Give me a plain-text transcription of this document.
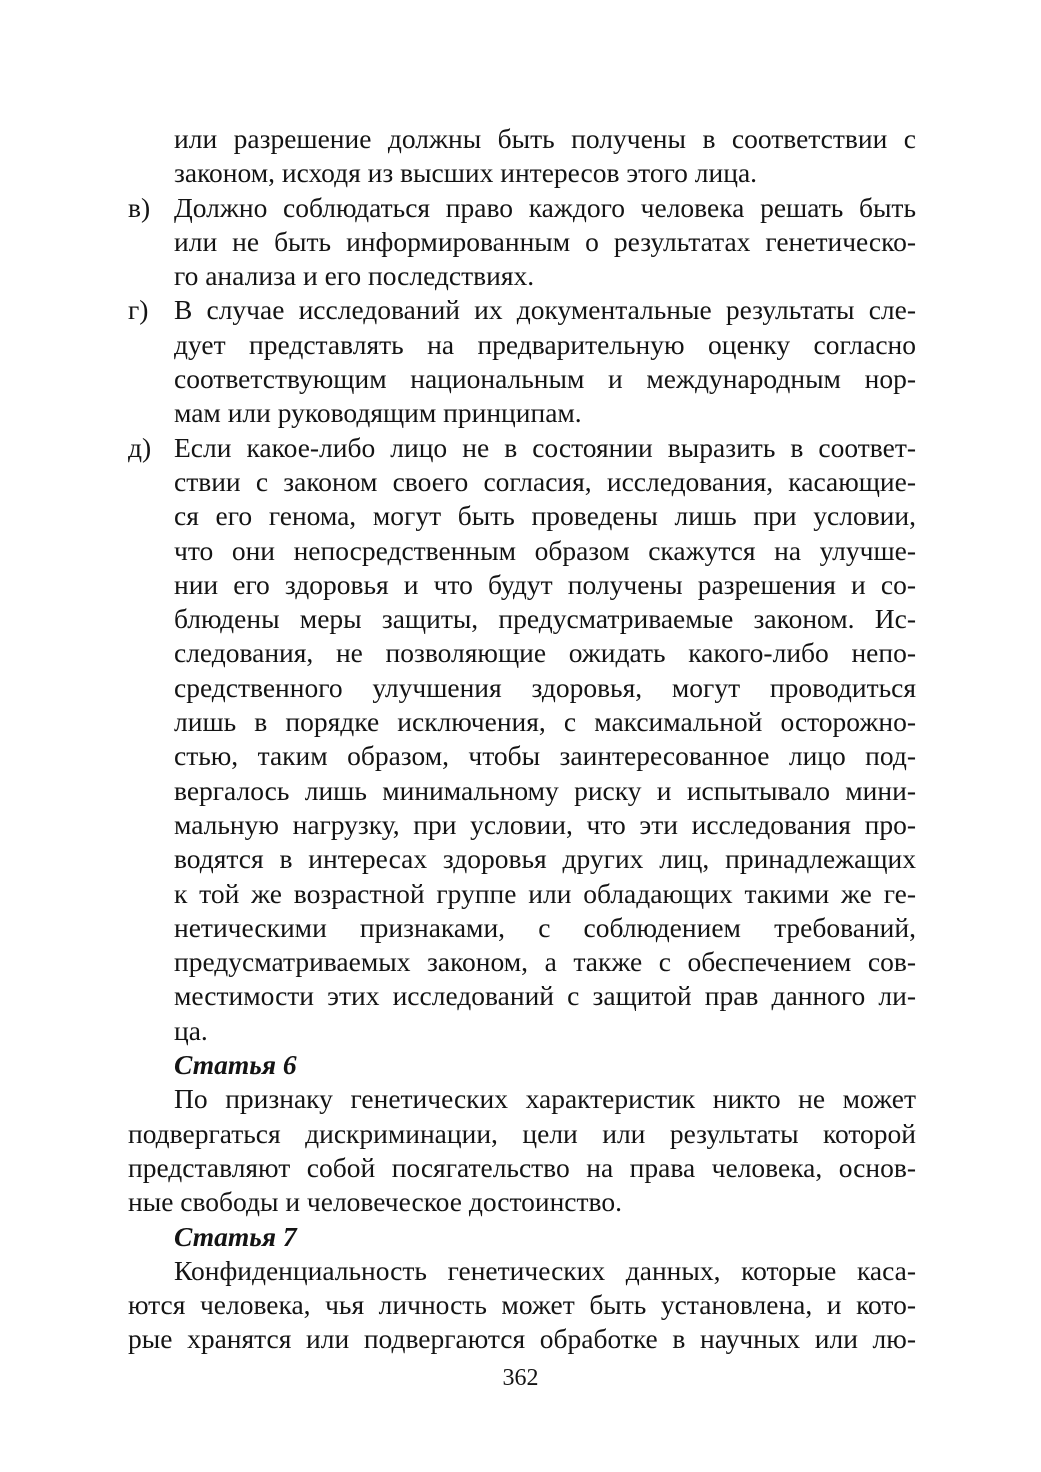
или разрешение должны быть получены в соответствии с
законом, исходя из высших интересов этого лица.
в) Должно соблюдаться право каждого человека решать быть
или не быть информированным о результатах генетическо-
го анализа и его последствиях.
г) В случае исследований их документальные результаты сле-
дует представлять на предварительную оценку согласно
соответствующим национальным и международным нор-
мам или руководящим принципам.
д) Если какое-либо лицо не в состоянии выразить в соответ-
ствии с законом своего согласия, исследования, касающие-
ся его генома, могут быть проведены лишь при условии,
что они непосредственным образом скажутся на улучше-
нии его здоровья и что будут получены разрешения и со-
блюдены меры защиты, предусматриваемые законом. Ис-
следования, не позволяющие ожидать какого-либо непо-
средственного улучшения здоровья, могут проводиться
лишь в порядке исключения, с максимальной осторожно-
стью, таким образом, чтобы заинтересованное лицо под-
вергалось лишь минимальному риску и испытывало мини-
мальную нагрузку, при условии, что эти исследования про-
водятся в интересах здоровья других лиц, принадлежащих
к той же возрастной группе или обладающих такими же ге-
нетическими признаками, с соблюдением требований,
предусматриваемых законом, а также с обеспечением сов-
местимости этих исследований с защитой прав данного ли-
ца.
Статья 6
По признаку генетических характеристик никто не может
подвергаться дискриминации, цели или результаты которой
представляют собой посягательство на права человека, основ-
ные свободы и человеческое достоинство.
Статья 7
Конфиденциальность генетических данных, которые каса-
ются человека, чья личность может быть установлена, и кото-
рые хранятся или подвергаются обработке в научных или лю-
362
